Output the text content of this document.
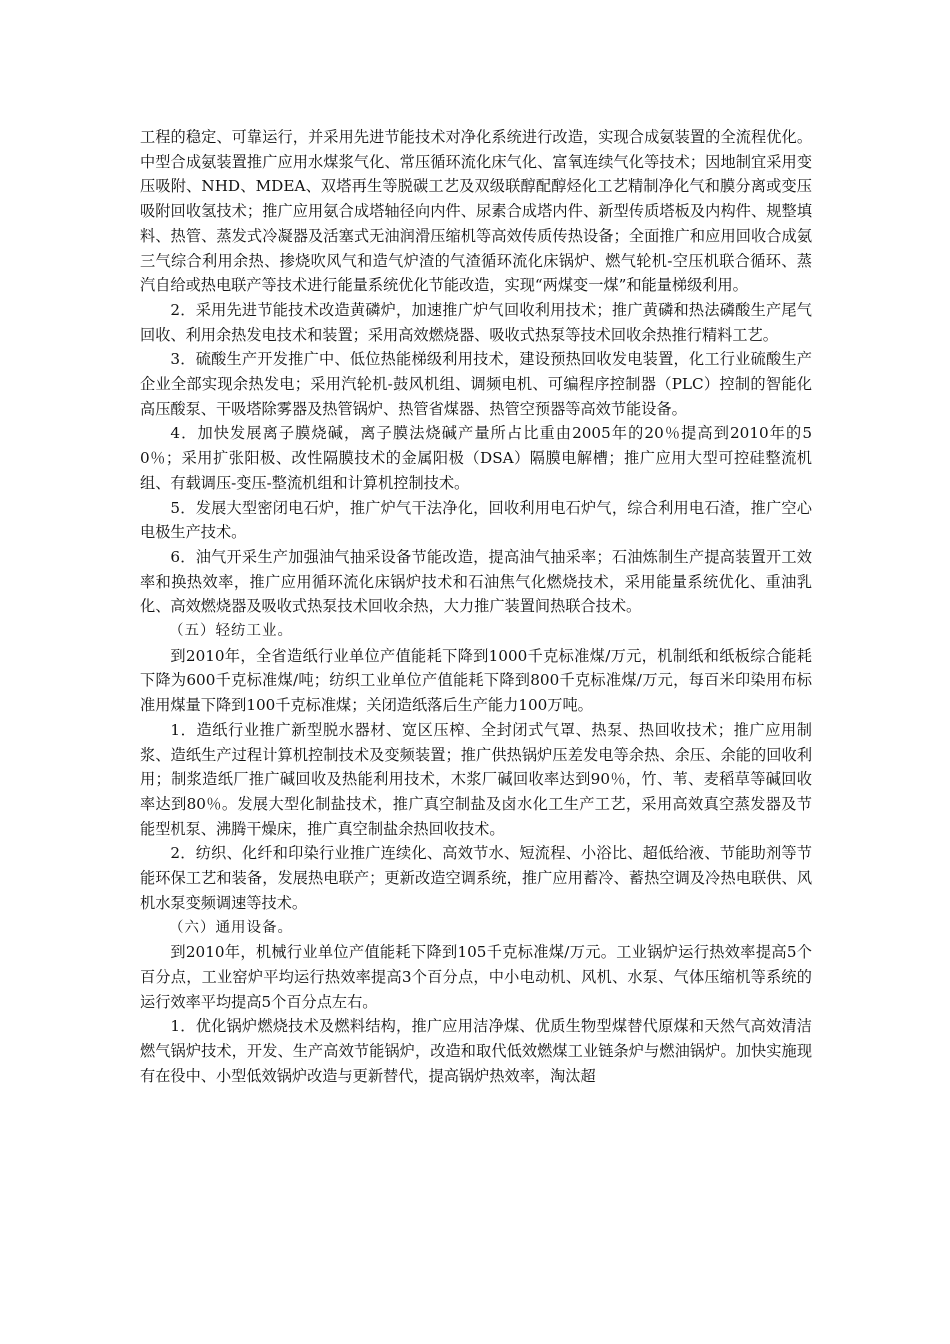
工程的稳定、可靠运行，并采用先进节能技术对净化系统进行改造，实现合成氨装置的全流程优化。中型合成氨装置推广应用水煤浆气化、常压循环流化床气化、富氧连续气化等技术；因地制宜采用变压吸附、NHD、MDEA、双塔再生等脱碳工艺及双级联醇配醇烃化工艺精制净化气和膜分离或变压吸附回收氢技术；推广应用氨合成塔轴径向内件、尿素合成塔内件、新型传质塔板及内构件、规整填料、热管、蒸发式冷凝器及活塞式无油润滑压缩机等高效传质传热设备；全面推广和应用回收合成氨三气综合利用余热、掺烧吹风气和造气炉渣的气渣循环流化床锅炉、燃气轮机-空压机联合循环、蒸汽自给或热电联产等技术进行能量系统优化节能改造，实现“两煤变一煤”和能量梯级利用。

2．采用先进节能技术改造黄磷炉，加速推广炉气回收利用技术；推广黄磷和热法磷酸生产尾气回收、利用余热发电技术和装置；采用高效燃烧器、吸收式热泵等技术回收余热推行精料工艺。

3．硫酸生产开发推广中、低位热能梯级利用技术，建设预热回收发电装置，化工行业硫酸生产企业全部实现余热发电；采用汽轮机-鼓风机组、调频电机、可编程序控制器（PLC）控制的智能化高压酸泵、干吸塔除雾器及热管锅炉、热管省煤器、热管空预器等高效节能设备。

4．加快发展离子膜烧碱，离子膜法烧碱产量所占比重由2005年的20％提高到2010年的50％；采用扩张阳极、改性隔膜技术的金属阳极（DSA）隔膜电解槽；推广应用大型可控硅整流机组、有载调压-变压-整流机组和计算机控制技术。

5．发展大型密闭电石炉，推广炉气干法净化，回收利用电石炉气，综合利用电石渣，推广空心电极生产技术。

6．油气开采生产加强油气抽采设备节能改造，提高油气抽采率；石油炼制生产提高装置开工效率和换热效率，推广应用循环流化床锅炉技术和石油焦气化燃烧技术，采用能量系统优化、重油乳化、高效燃烧器及吸收式热泵技术回收余热，大力推广装置间热联合技术。

（五）轻纺工业。

到2010年，全省造纸行业单位产值能耗下降到1000千克标准煤/万元，机制纸和纸板综合能耗下降为600千克标准煤/吨；纺织工业单位产值能耗下降到800千克标准煤/万元，每百米印染用布标准用煤量下降到100千克标准煤；关闭造纸落后生产能力100万吨。

1．造纸行业推广新型脱水器材、宽区压榨、全封闭式气罩、热泵、热回收技术；推广应用制浆、造纸生产过程计算机控制技术及变频装置；推广供热锅炉压差发电等余热、余压、余能的回收利用；制浆造纸厂推广碱回收及热能利用技术，木浆厂碱回收率达到90％，竹、苇、麦稻草等碱回收率达到80％。发展大型化制盐技术，推广真空制盐及卤水化工生产工艺，采用高效真空蒸发器及节能型机泵、沸腾干燥床，推广真空制盐余热回收技术。

2．纺织、化纤和印染行业推广连续化、高效节水、短流程、小浴比、超低给液、节能助剂等节能环保工艺和装备，发展热电联产；更新改造空调系统，推广应用蓄冷、蓄热空调及冷热电联供、风机水泵变频调速等技术。

（六）通用设备。

到2010年，机械行业单位产值能耗下降到105千克标准煤/万元。工业锅炉运行热效率提高5个百分点，工业窑炉平均运行热效率提高3个百分点，中小电动机、风机、水泵、气体压缩机等系统的运行效率平均提高5个百分点左右。

1．优化锅炉燃烧技术及燃料结构，推广应用洁净煤、优质生物型煤替代原煤和天然气高效清洁燃气锅炉技术，开发、生产高效节能锅炉，改造和取代低效燃煤工业链条炉与燃油锅炉。加快实施现有在役中、小型低效锅炉改造与更新替代，提高锅炉热效率，淘汰超
